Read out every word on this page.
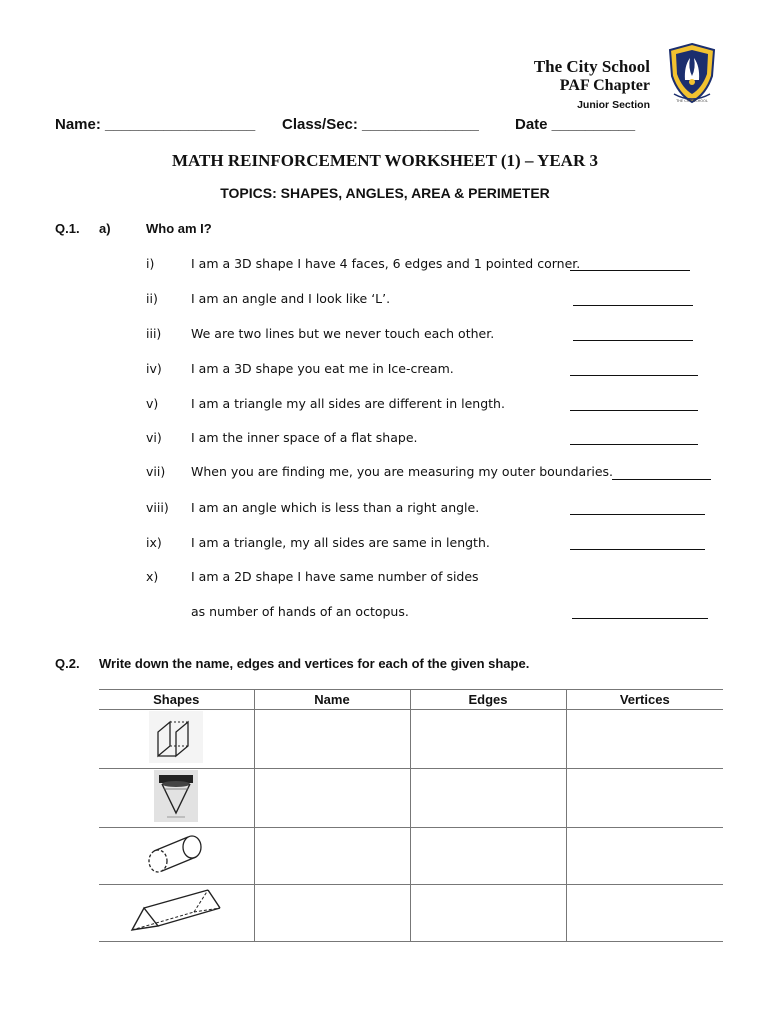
The City School
PAF Chapter
Junior Section	THE CITY SCHOOL
Name: __________________ Class/Sec: ______________ Date __________
MATH REINFORCEMENT WORKSHEET (1) – YEAR 3
TOPICS: SHAPES, ANGLES, AREA & PERIMETER
Q.1. a)	Who am I?
i)	I am a 3D shape I have 4 faces, 6 edges and 1 pointed corner.
ii)	I am an angle and I look like ‘L’.
iii) We are two lines but we never touch each other.
iv) I am a 3D shape you eat me in Ice-cream.
v)	I am a triangle my all sides are different in length.
vi) I am the inner space of a flat shape.
vii) When you are finding me, you are measuring my outer boundaries.
viii) I am an angle which is less than a right angle.
ix) I am a triangle, my all sides are same in length.
x)	I am a 2D shape I have same number of sides
as number of hands of an octopus.
Q.2. Write down the name, edges and vertices for each of the given shape.
Shapes	Name	Edges	Vertices
